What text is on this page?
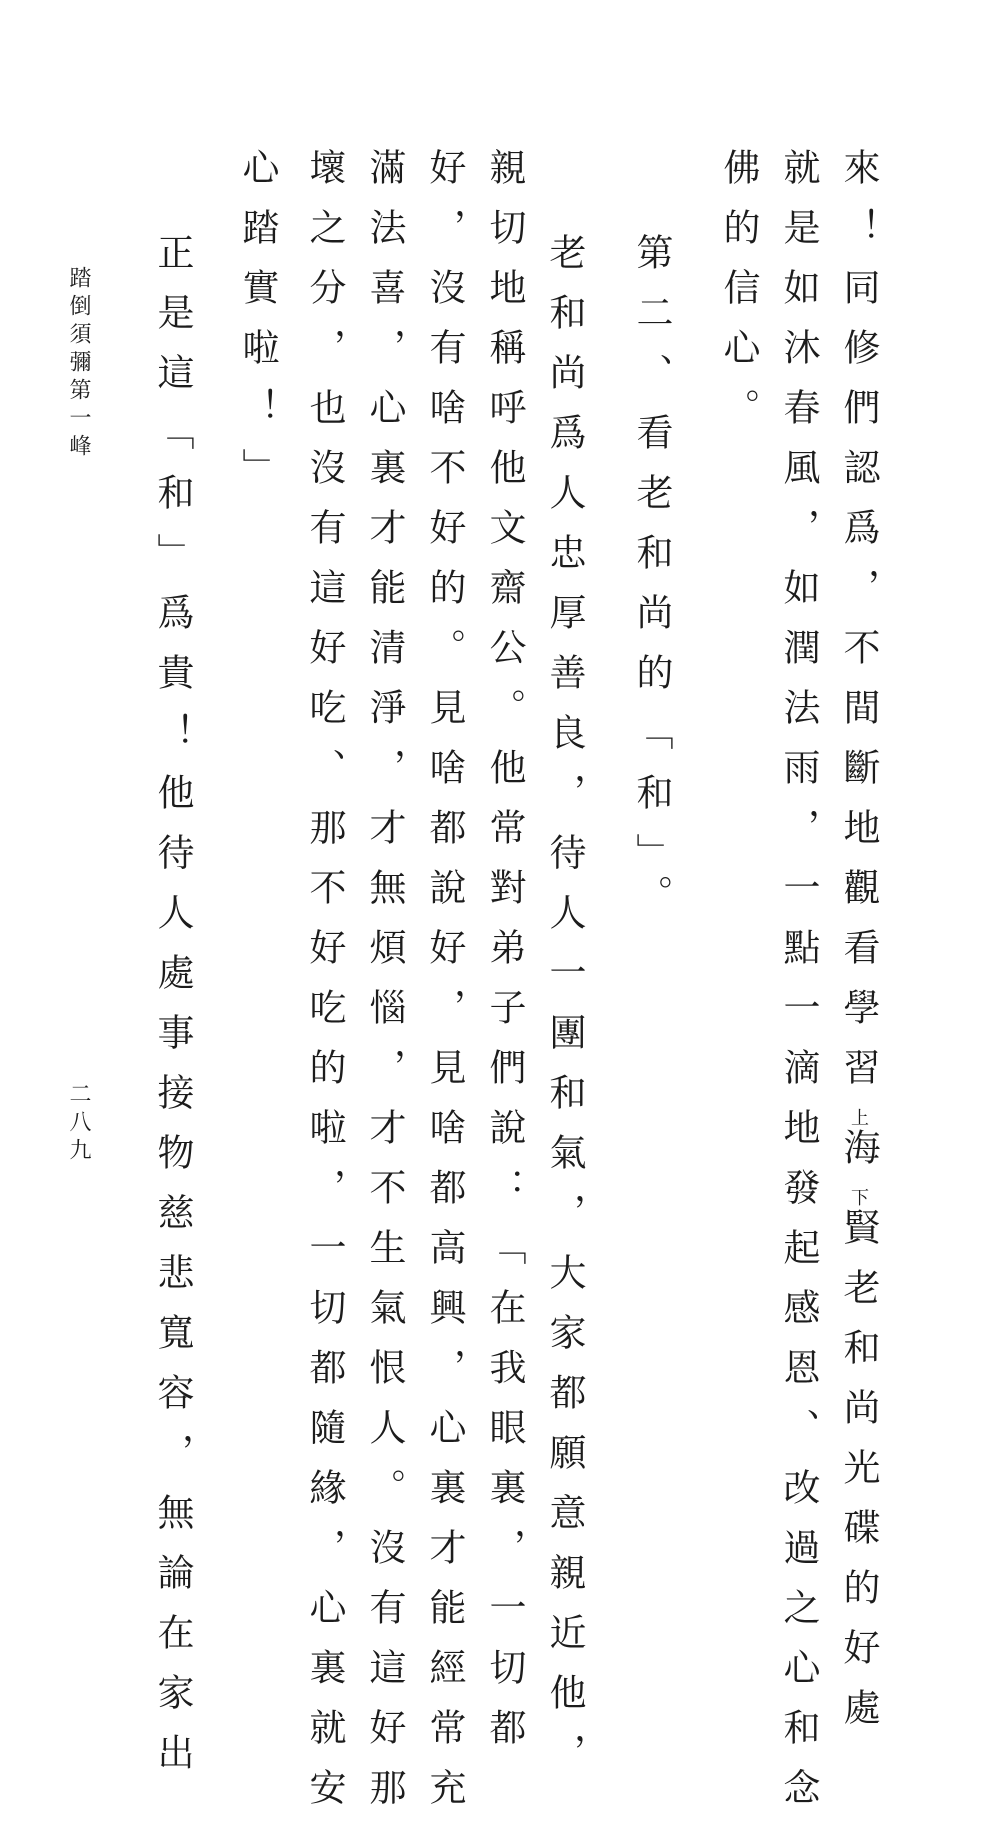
來！同修們認爲，不間斷地觀看學習上海下賢老和尚光碟的好處
就是如沐春風，如潤法雨，一點一滴地發起感恩、改過之心和念
佛的信心。
第二、看老和尚的「和」。
老和尚爲人忠厚善良，待人一團和氣，大家都願意親近他，
親切地稱呼他文齋公。他常對弟子們說：「在我眼裏，一切都
好，沒有啥不好的。見啥都說好，見啥都高興，心裏才能經常充
滿法喜，心裏才能清淨，才無煩惱，才不生氣恨人。沒有這好那
壞之分，也沒有這好吃、那不好吃的啦，一切都隨緣，心裏就安
心踏實啦！」
正是這「和」爲貴！他待人處事接物慈悲寬容，無論在家出
踏倒須彌第一峰
二八九
